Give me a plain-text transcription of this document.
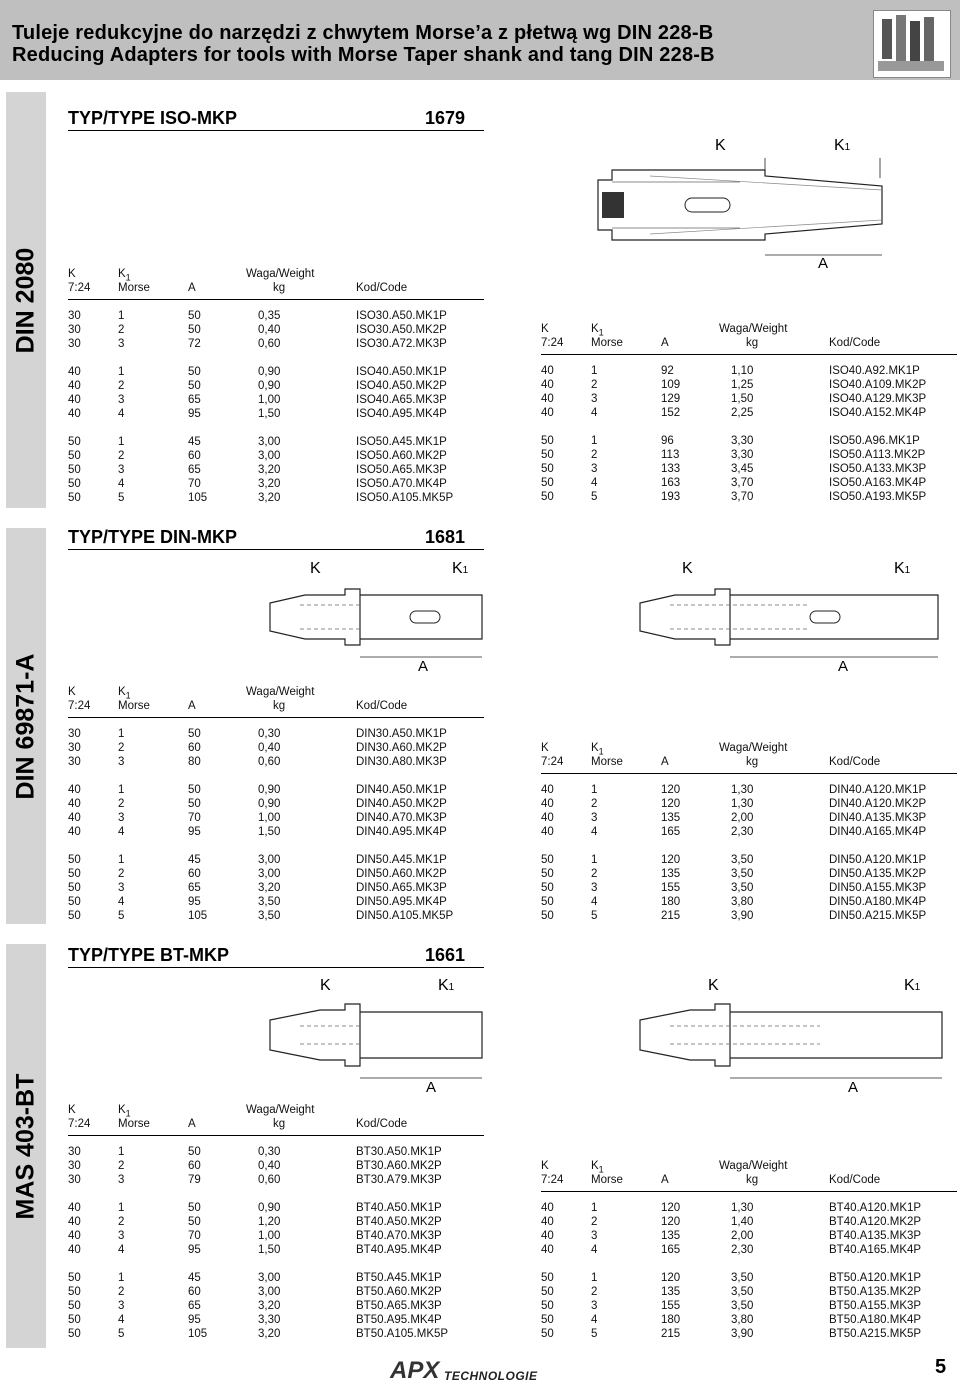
Tuleje redukcyjne do narzędzi z chwytem Morse’a z płetwą wg DIN 228-B
Reducing Adapters for tools with Morse Taper shank and tang DIN 228-B
DIN 2080
DIN 69871-A
MAS 403-BT
TYP/TYPE ISO-MKP	1679
TYP/TYPE DIN-MKP	1681
TYP/TYPE BT-MKP	1661
K	$K_1$	Waga/Weight
7:24 Morse	A	kg	Kod/Code
30	1	50	0,35	ISO30.A50.MK1P
30	2	50	0,40	ISO30.A50.MK2P
30	3	72	0,60	ISO30.A72.MK3P
40	1	50	0,90	ISO40.A50.MK1P
40	2	50	0,90	ISO40.A50.MK2P
40	3	65	1,00	ISO40.A65.MK3P
40	4	95	1,50	ISO40.A95.MK4P
50	1	45	3,00	ISO50.A45.MK1P
50	2	60	3,00	ISO50.A60.MK2P
50	3	65	3,20	ISO50.A65.MK3P
50	4	70	3,20	ISO50.A70.MK4P
50	5	105	3,20	ISO50.A105.MK5P
K	$K_1$	Waga/Weight
7:24 Morse	A	kg	Kod/Code
40	1	92	1,10	ISO40.A92.MK1P
40	2	109	1,25	ISO40.A109.MK2P
40	3	129	1,50	ISO40.A129.MK3P
40	4	152	2,25	ISO40.A152.MK4P
50	1	96	3,30	ISO50.A96.MK1P
50	2	113	3,30	ISO50.A113.MK2P
50	3	133	3,45	ISO50.A133.MK3P
50	4	163	3,70	ISO50.A163.MK4P
50	5	193	3,70	ISO50.A193.MK5P
K	$K_1$	Waga/Weight
7:24 Morse	A	kg	Kod/Code
30	1	50	0,30	DIN30.A50.MK1P
30	2	60	0,40	DIN30.A60.MK2P
30	3	80	0,60	DIN30.A80.MK3P
40	1	50	0,90	DIN40.A50.MK1P
40	2	50	0,90	DIN40.A50.MK2P
40	3	70	1,00	DIN40.A70.MK3P
40	4	95	1,50	DIN40.A95.MK4P
50	1	45	3,00	DIN50.A45.MK1P
50	2	60	3,00	DIN50.A60.MK2P
50	3	65	3,20	DIN50.A65.MK3P
50	4	95	3,50	DIN50.A95.MK4P
50	5	105	3,50	DIN50.A105.MK5P
K	$K_1$	Waga/Weight
7:24 Morse	A	kg	Kod/Code
40	1	120	1,30	DIN40.A120.MK1P
40	2	120	1,30	DIN40.A120.MK2P
40	3	135	2,00	DIN40.A135.MK3P
40	4	165	2,30	DIN40.A165.MK4P
50	1	120	3,50	DIN50.A120.MK1P
50	2	135	3,50	DIN50.A135.MK2P
50	3	155	3,50	DIN50.A155.MK3P
50	4	180	3,80	DIN50.A180.MK4P
50	5	215	3,90	DIN50.A215.MK5P
K	$K_1$	Waga/Weight
7:24 Morse	A	kg	Kod/Code
30	1	50	0,30	BT30.A50.MK1P
30	2	60	0,40	BT30.A60.MK2P
30	3	79	0,60	BT30.A79.MK3P
40	1	50	0,90	BT40.A50.MK1P
40	2	50	1,20	BT40.A50.MK2P
40	3	70	1,00	BT40.A70.MK3P
40	4	95	1,50	BT40.A95.MK4P
50	1	45	3,00	BT50.A45.MK1P
50	2	60	3,00	BT50.A60.MK2P
50	3	65	3,20	BT50.A65.MK3P
50	4	95	3,30	BT50.A95.MK4P
50	5	105	3,20	BT50.A105.MK5P
K	$K_1$	Waga/Weight
7:24 Morse	A	kg	Kod/Code
40	1	120	1,30	BT40.A120.MK1P
40	2	120	1,40	BT40.A120.MK2P
40	3	135	2,00	BT40.A135.MK3P
40	4	165	2,30	BT40.A165.MK4P
50	1	120	3,50	BT50.A120.MK1P
50	2	135	3,50	BT50.A135.MK2P
50	3	155	3,50	BT50.A155.MK3P
50	4	180	3,80	BT50.A180.MK4P
50	5	215	3,90	BT50.A215.MK5P
K	K1
A
K	K1
A
K	K1
A
K	K1
A
K	K1
A
APX TECHNOLOGIE	5
